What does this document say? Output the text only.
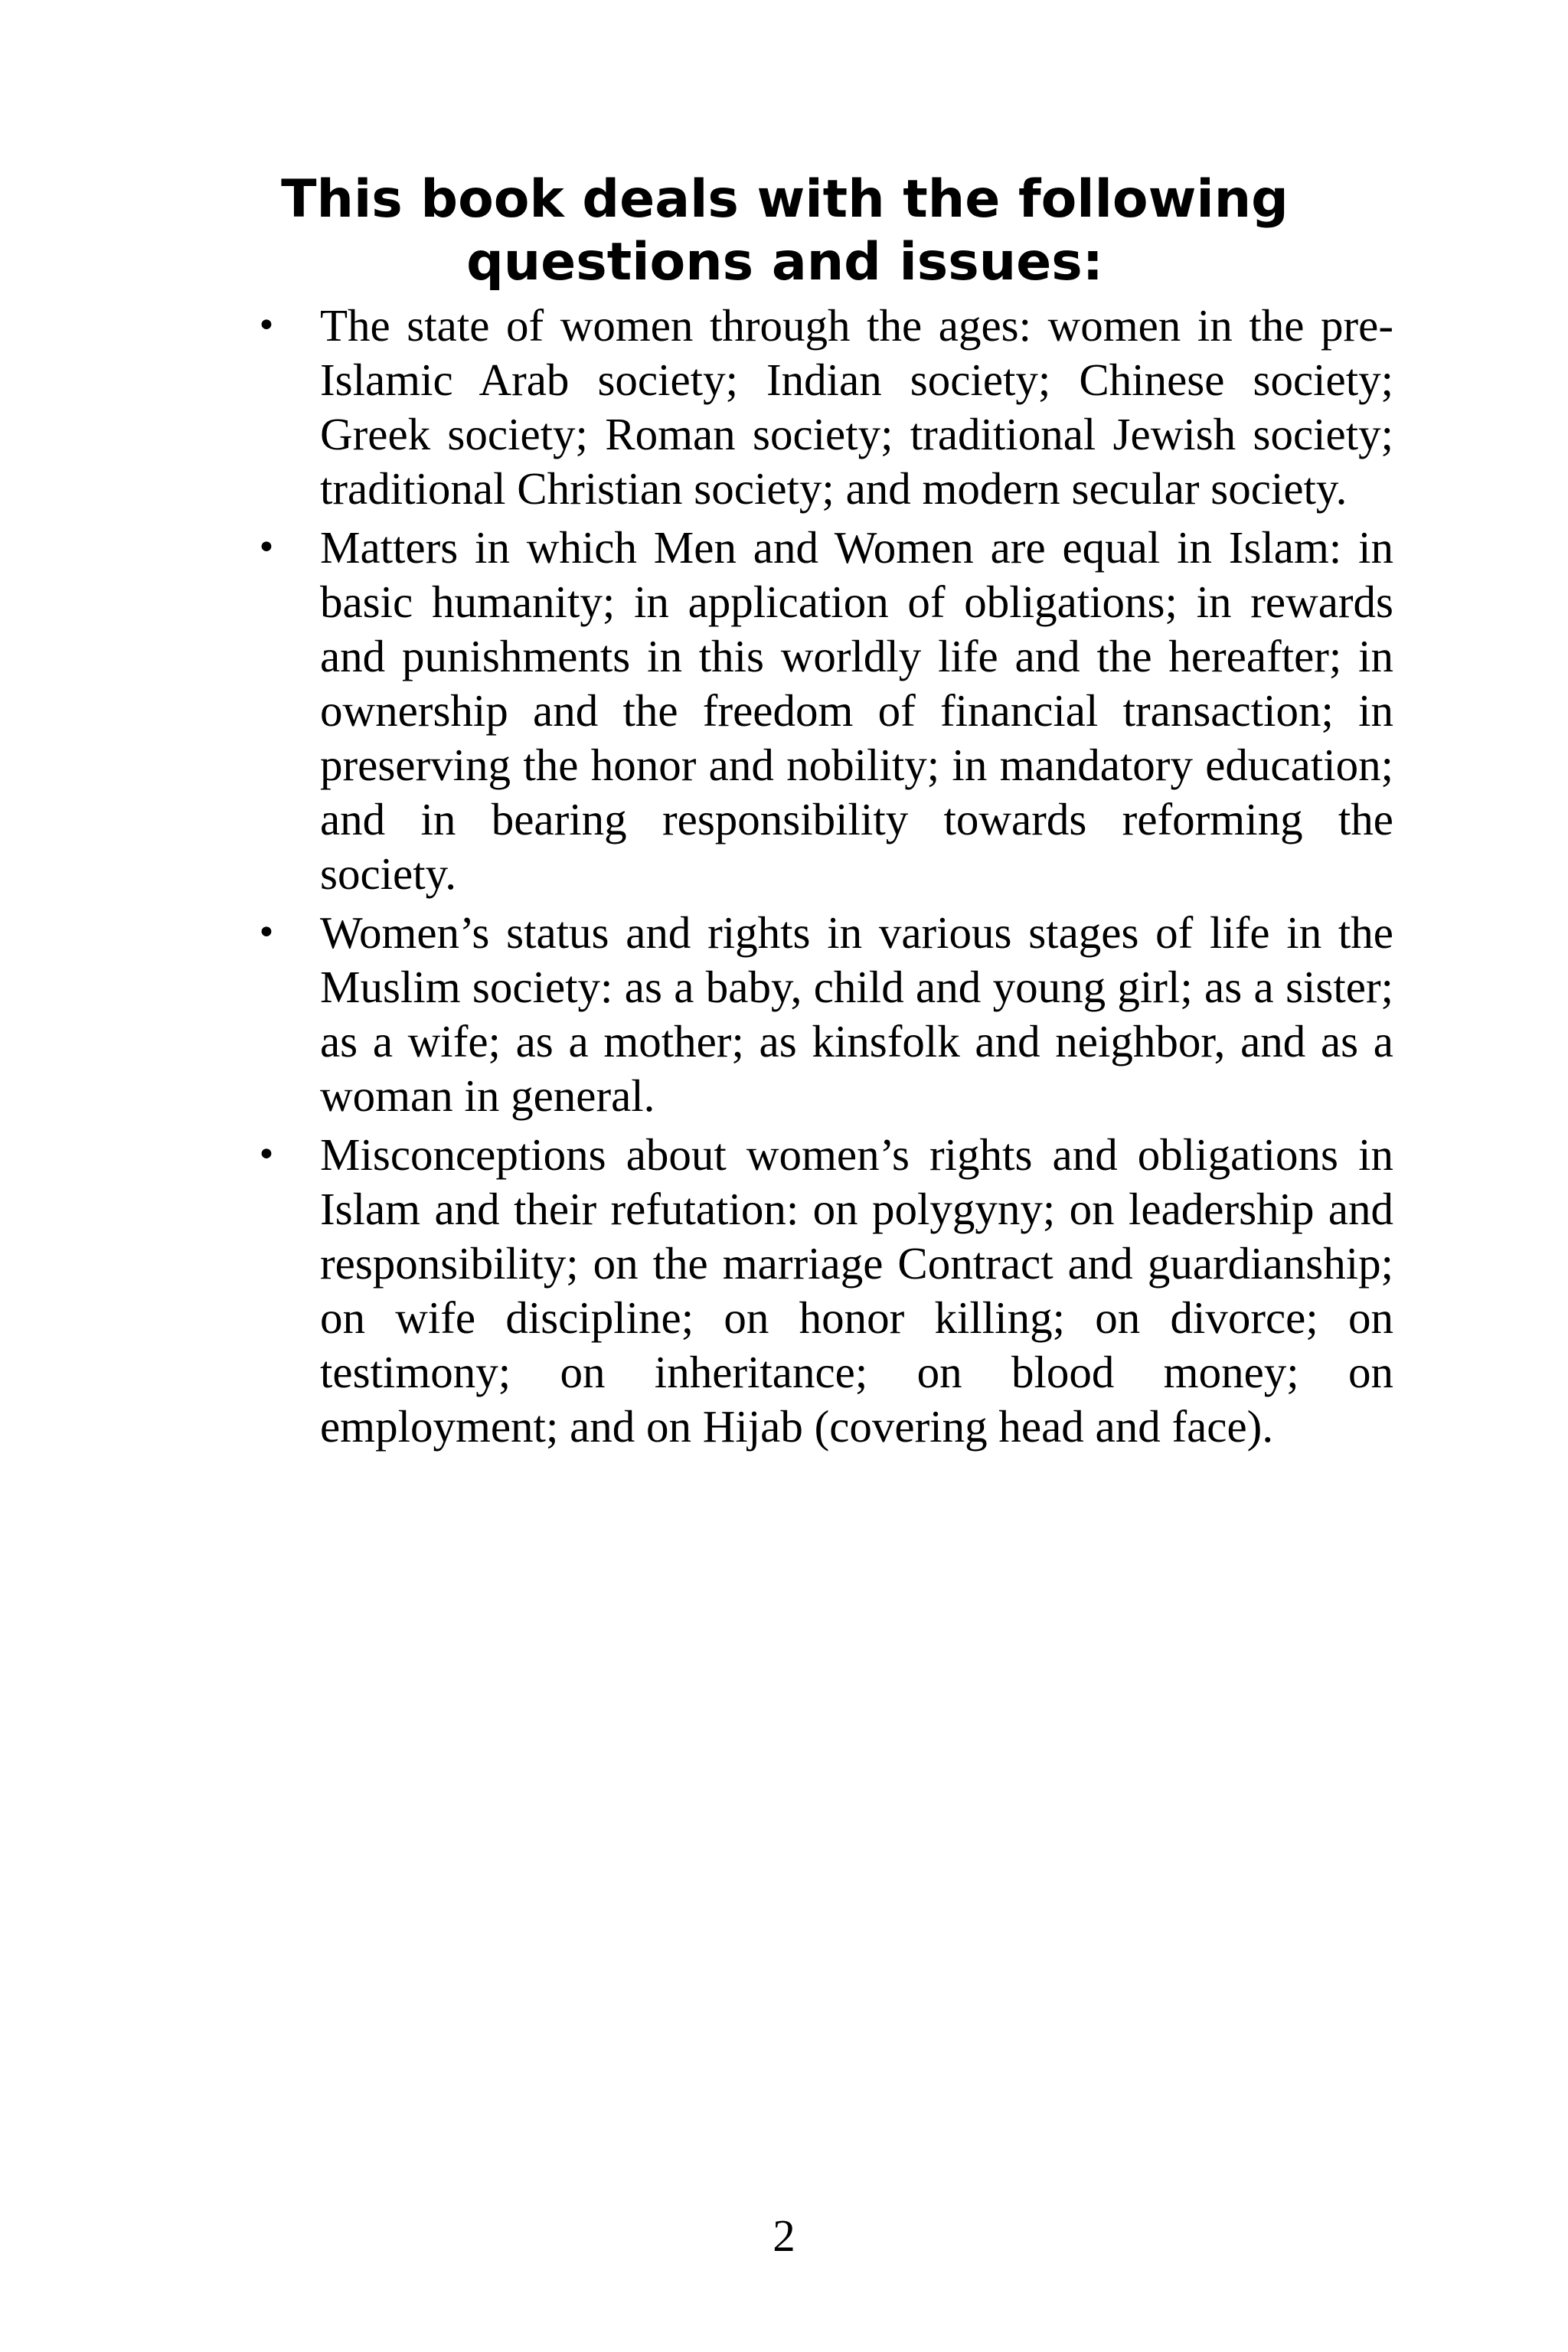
This book deals with the following
questions and issues:
• The state of women through the ages: women in the pre-Islamic Arab society; Indian society; Chinese society; Greek society; Roman society; traditional Jewish society; traditional Christian society; and modern secular society.
• Matters in which Men and Women are equal in Islam: in basic humanity; in application of obligations; in rewards and punishments in this worldly life and the hereafter; in ownership and the freedom of financial transaction; in preserving the honor and nobility; in mandatory education; and in bearing responsibility towards reforming the society.
• Women’s status and rights in various stages of life in the Muslim society: as a baby, child and young girl; as a sister; as a wife; as a mother; as kinsfolk and neighbor, and as a woman in general.
• Misconceptions about women’s rights and obligations in Islam and their refutation: on polygyny; on leadership and responsibility; on the marriage Contract and guardianship; on wife discipline; on honor killing; on divorce; on testimony; on inheritance; on blood money; on employment; and on Hijab (covering head and face).
2
